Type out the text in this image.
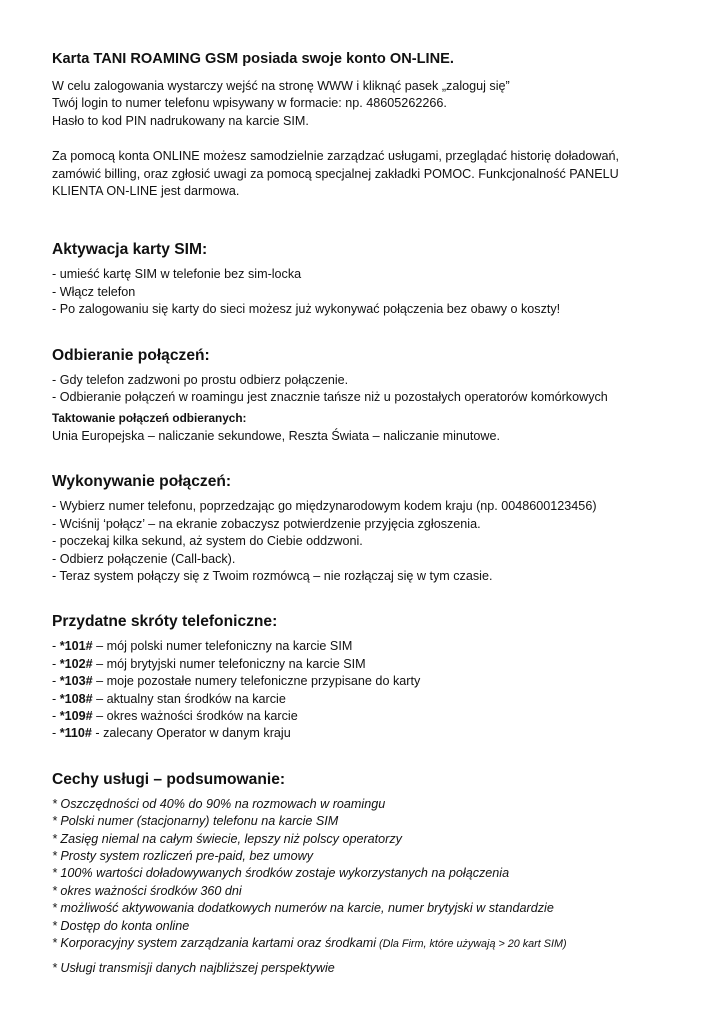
Karta TANI ROAMING GSM posiada swoje konto ON-LINE.

W celu zalogowania wystarczy wejść na stronę WWW i kliknąć pasek „zaloguj się”
Twój login to numer telefonu wpisywany w formacie: np. 48605262266.
Hasło to kod PIN nadrukowany na karcie SIM.

Za pomocą konta ONLINE możesz samodzielnie zarządzać usługami, przeglądać historię doładowań, zamówić billing, oraz zgłosić uwagi za pomocą specjalnej zakładki POMOC. Funkcjonalność PANELU KLIENTA ON-LINE jest darmowa.

Aktywacja karty SIM:
- umieść kartę SIM w telefonie bez sim-locka
- Włącz telefon
- Po zalogowaniu się karty do sieci możesz już wykonywać połączenia bez obawy o koszty!
Odbieranie połączeń:
- Gdy telefon zadzwoni po prostu odbierz połączenie.
- Odbieranie połączeń w roamingu jest znacznie tańsze niż u pozostałych operatorów komórkowych
Taktowanie połączeń odbieranych:
Unia Europejska – naliczanie sekundowe, Reszta Świata – naliczanie minutowe.
Wykonywanie połączeń:
- Wybierz numer telefonu, poprzedzając go międzynarodowym kodem kraju (np. 0048600123456)
- Wciśnij ‘połącz’ – na ekranie zobaczysz potwierdzenie przyjęcia zgłoszenia.
- poczekaj kilka sekund, aż system do Ciebie oddzwoni.
- Odbierz połączenie (Call-back).
- Teraz system połączy się z Twoim rozmówcą – nie rozłączaj się w tym czasie.
Przydatne skróty telefoniczne:
- *101# – mój polski numer telefoniczny na karcie SIM
- *102# – mój brytyjski numer telefoniczny na karcie SIM
- *103# – moje pozostałe numery telefoniczne przypisane do karty
- *108# – aktualny stan środków na karcie
- *109# – okres ważności środków na karcie
- *110# - zalecany Operator w danym kraju
Cechy usługi – podsumowanie:
* Oszczędności od 40% do 90% na rozmowach w roamingu
* Polski numer (stacjonarny) telefonu na karcie SIM
* Zasięg niemal na całym świecie, lepszy niż polscy operatorzy
* Prosty system rozliczeń pre-paid, bez umowy
* 100% wartości doładowywanych środków zostaje wykorzystanych na połączenia
* okres ważności środków 360 dni
* możliwość aktywowania dodatkowych numerów na karcie, numer brytyjski w standardzie
* Dostęp do konta online
* Korporacyjny system zarządzania kartami oraz środkami (Dla Firm, które używają > 20 kart SIM)
* Usługi transmisji danych najbliższej perspektywie
